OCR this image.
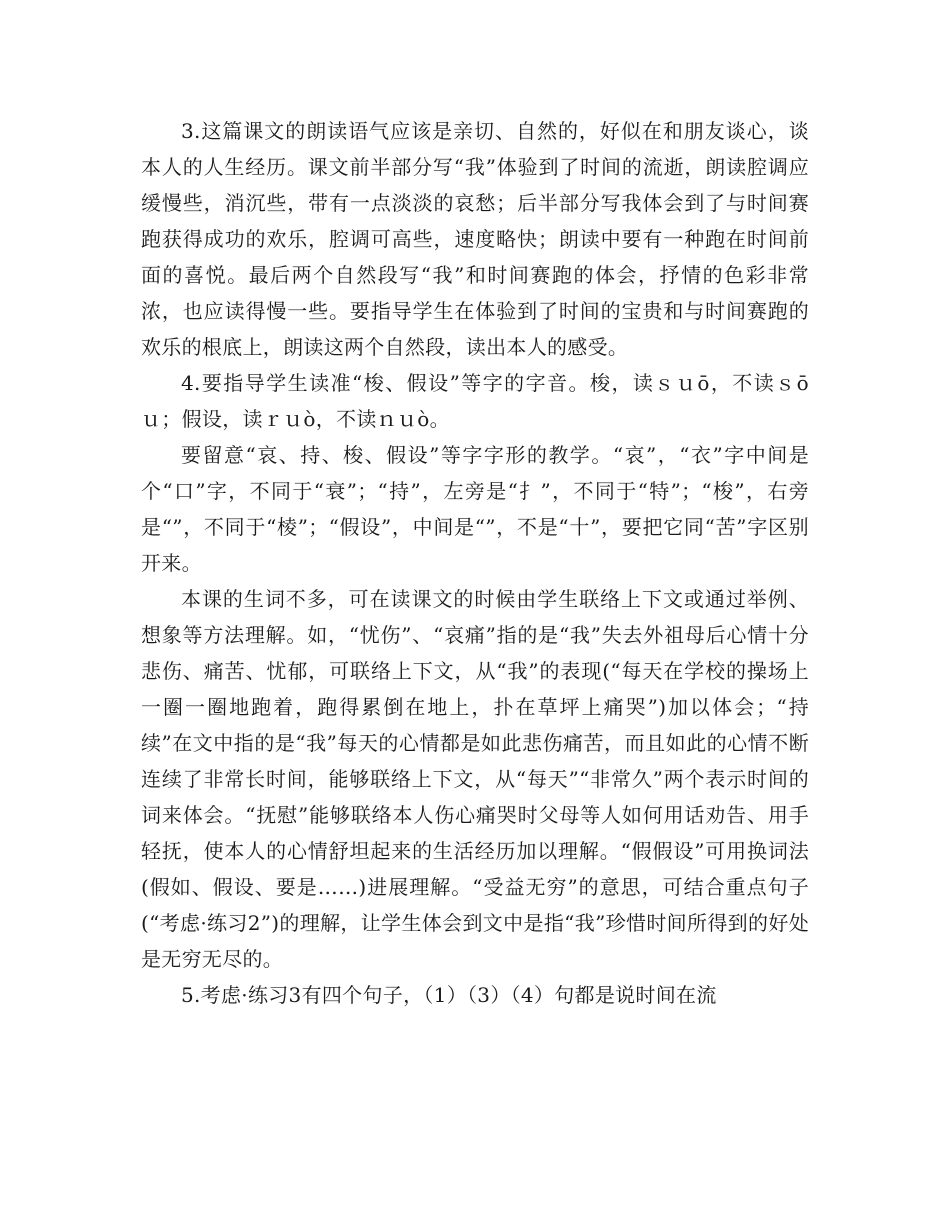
3.这篇课文的朗读语气应该是亲切、自然的，好似在和朋友谈心，谈本人的人生经历。课文前半部分写“我”体验到了时间的流逝，朗读腔调应缓慢些，消沉些，带有一点淡淡的哀愁；后半部分写我体会到了与时间赛跑获得成功的欢乐，腔调可高些，速度略快；朗读中要有一种跑在时间前面的喜悦。最后两个自然段写“我”和时间赛跑的体会，抒情的色彩非常浓，也应读得慢一些。要指导学生在体验到了时间的宝贵和与时间赛跑的欢乐的根底上，朗读这两个自然段，读出本人的感受。

4.要指导学生读准“梭、假设”等字的字音。梭，读ｓｕō，不读ｓōｕ；假设，读ｒｕò，不读ｎｕò。

要留意“哀、持、梭、假设”等字字形的教学。“哀”，“衣”字中间是个“口”字，不同于“衰”；“持”，左旁是“扌”，不同于“特”；“梭”，右旁是“”，不同于“棱”；“假设”，中间是“”，不是“十”，要把它同“苦”字区别开来。

本课的生词不多，可在读课文的时候由学生联络上下文或通过举例、想象等方法理解。如，“忧伤”、“哀痛”指的是“我”失去外祖母后心情十分悲伤、痛苦、忧郁，可联络上下文，从“我”的表现(“每天在学校的操场上一圈一圈地跑着，跑得累倒在地上，扑在草坪上痛哭”)加以体会；“持续”在文中指的是“我”每天的心情都是如此悲伤痛苦，而且如此的心情不断连续了非常长时间，能够联络上下文，从“每天”“非常久”两个表示时间的词来体会。“抚慰”能够联络本人伤心痛哭时父母等人如何用话劝告、用手轻抚，使本人的心情舒坦起来的生活经历加以理解。“假假设”可用换词法(假如、假设、要是……)进展理解。“受益无穷”的意思，可结合重点句子(“考虑·练习2”)的理解，让学生体会到文中是指“我”珍惜时间所得到的好处是无穷无尽的。

5.考虑·练习3有四个句子，（1）（3）（4）句都是说时间在流
